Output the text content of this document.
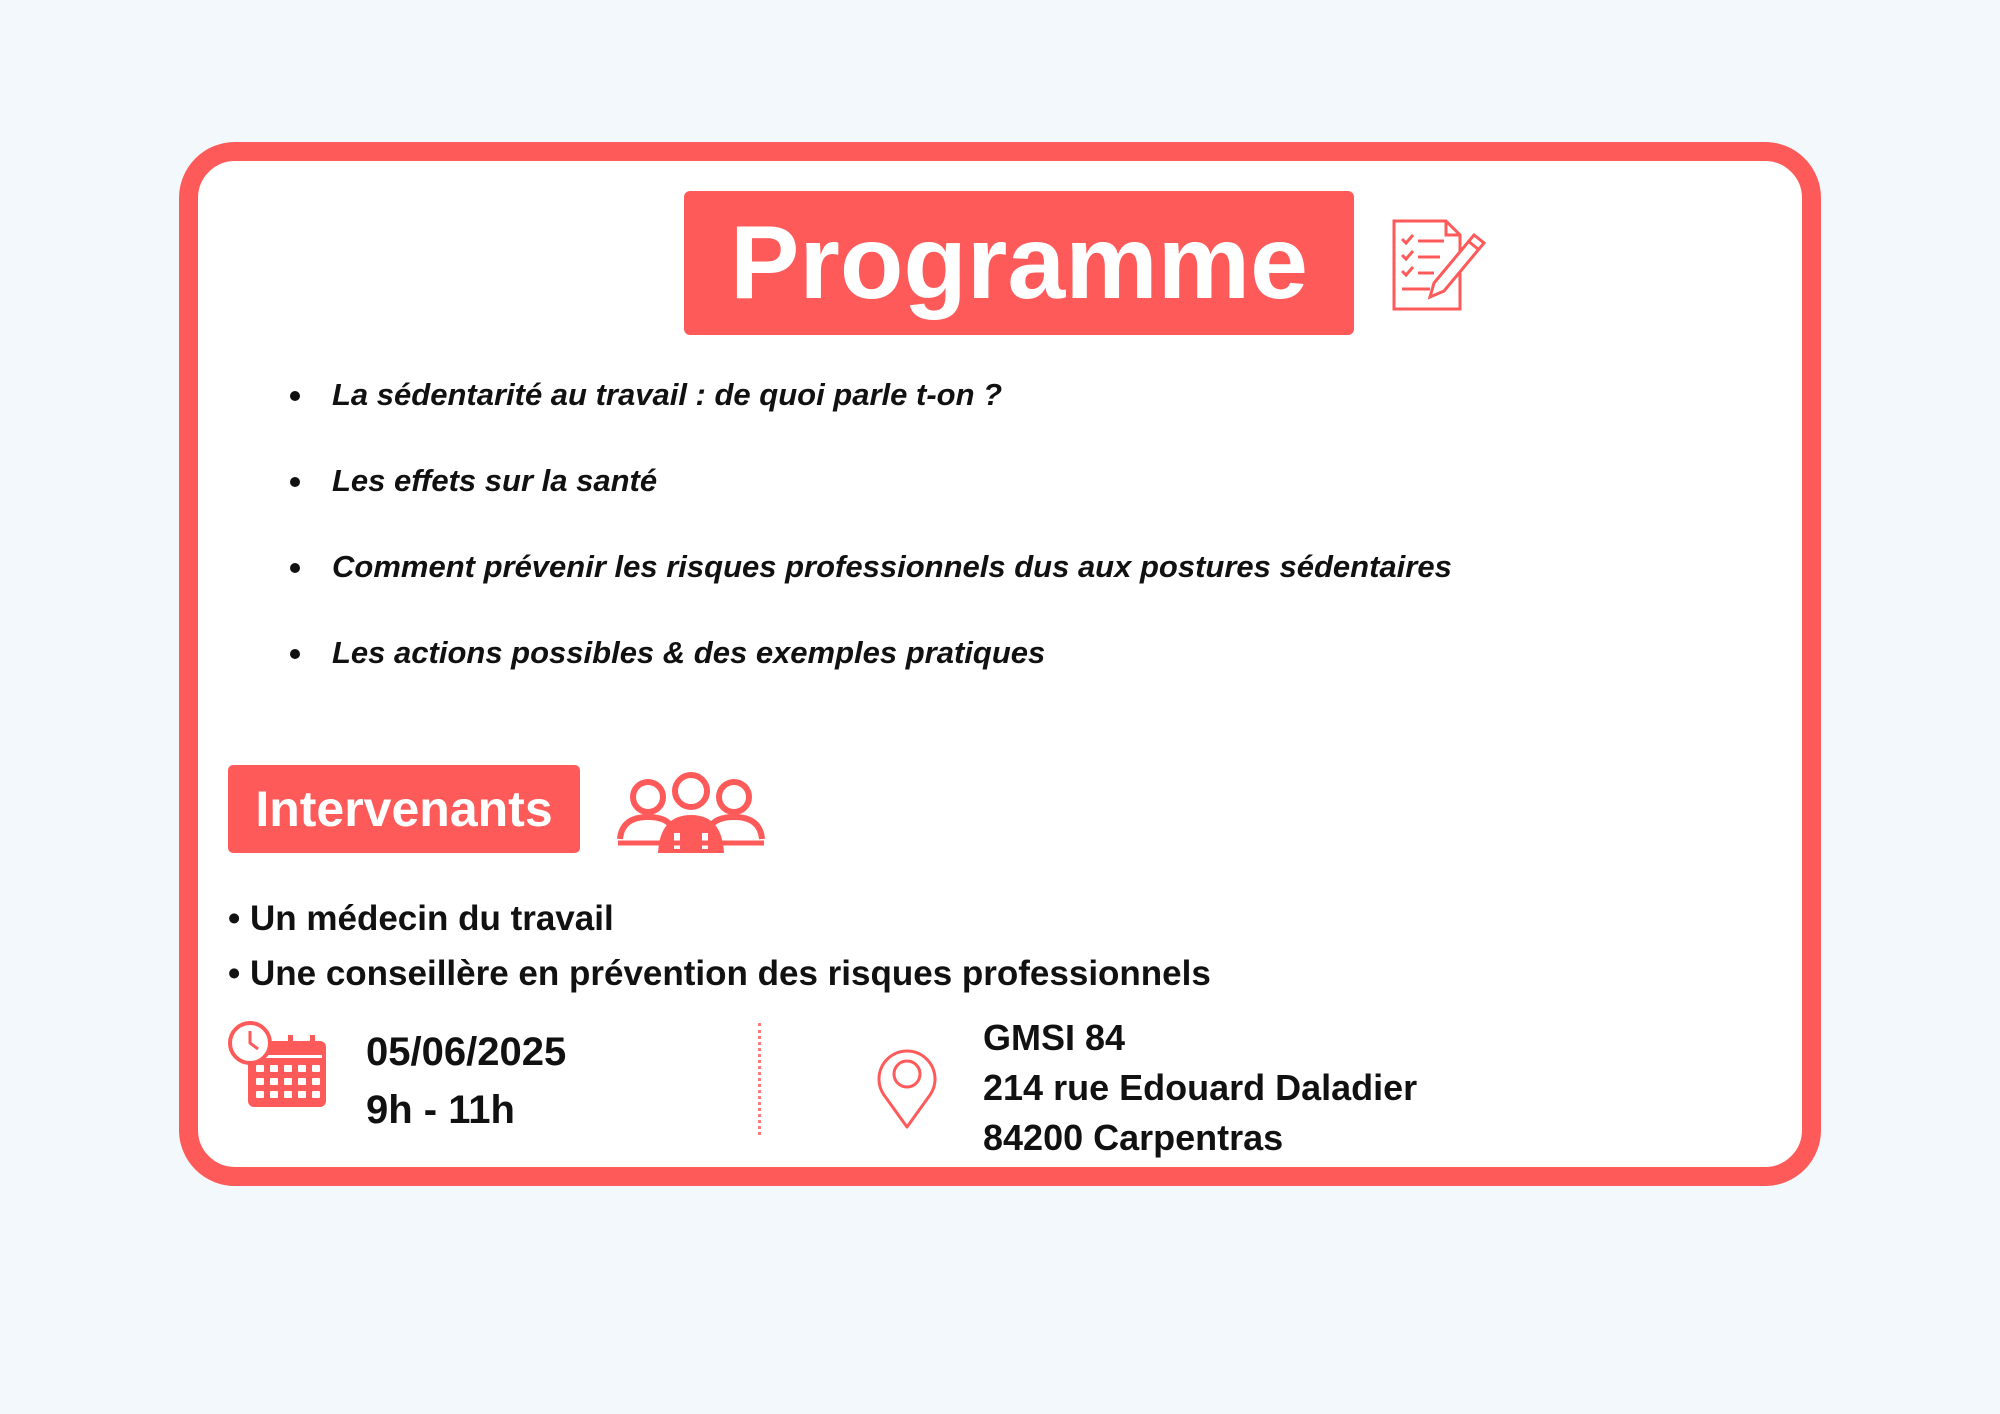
Programme
La sédentarité au travail : de quoi parle t-on ?
Les effets sur la santé
Comment prévenir les risques professionnels dus aux postures sédentaires
Les actions possibles & des exemples pratiques
Intervenants
• Un médecin du travail
• Une conseillère en prévention des risques professionnels
05/06/2025
9h - 11h
GMSI 84
214 rue Edouard Daladier
84200 Carpentras
